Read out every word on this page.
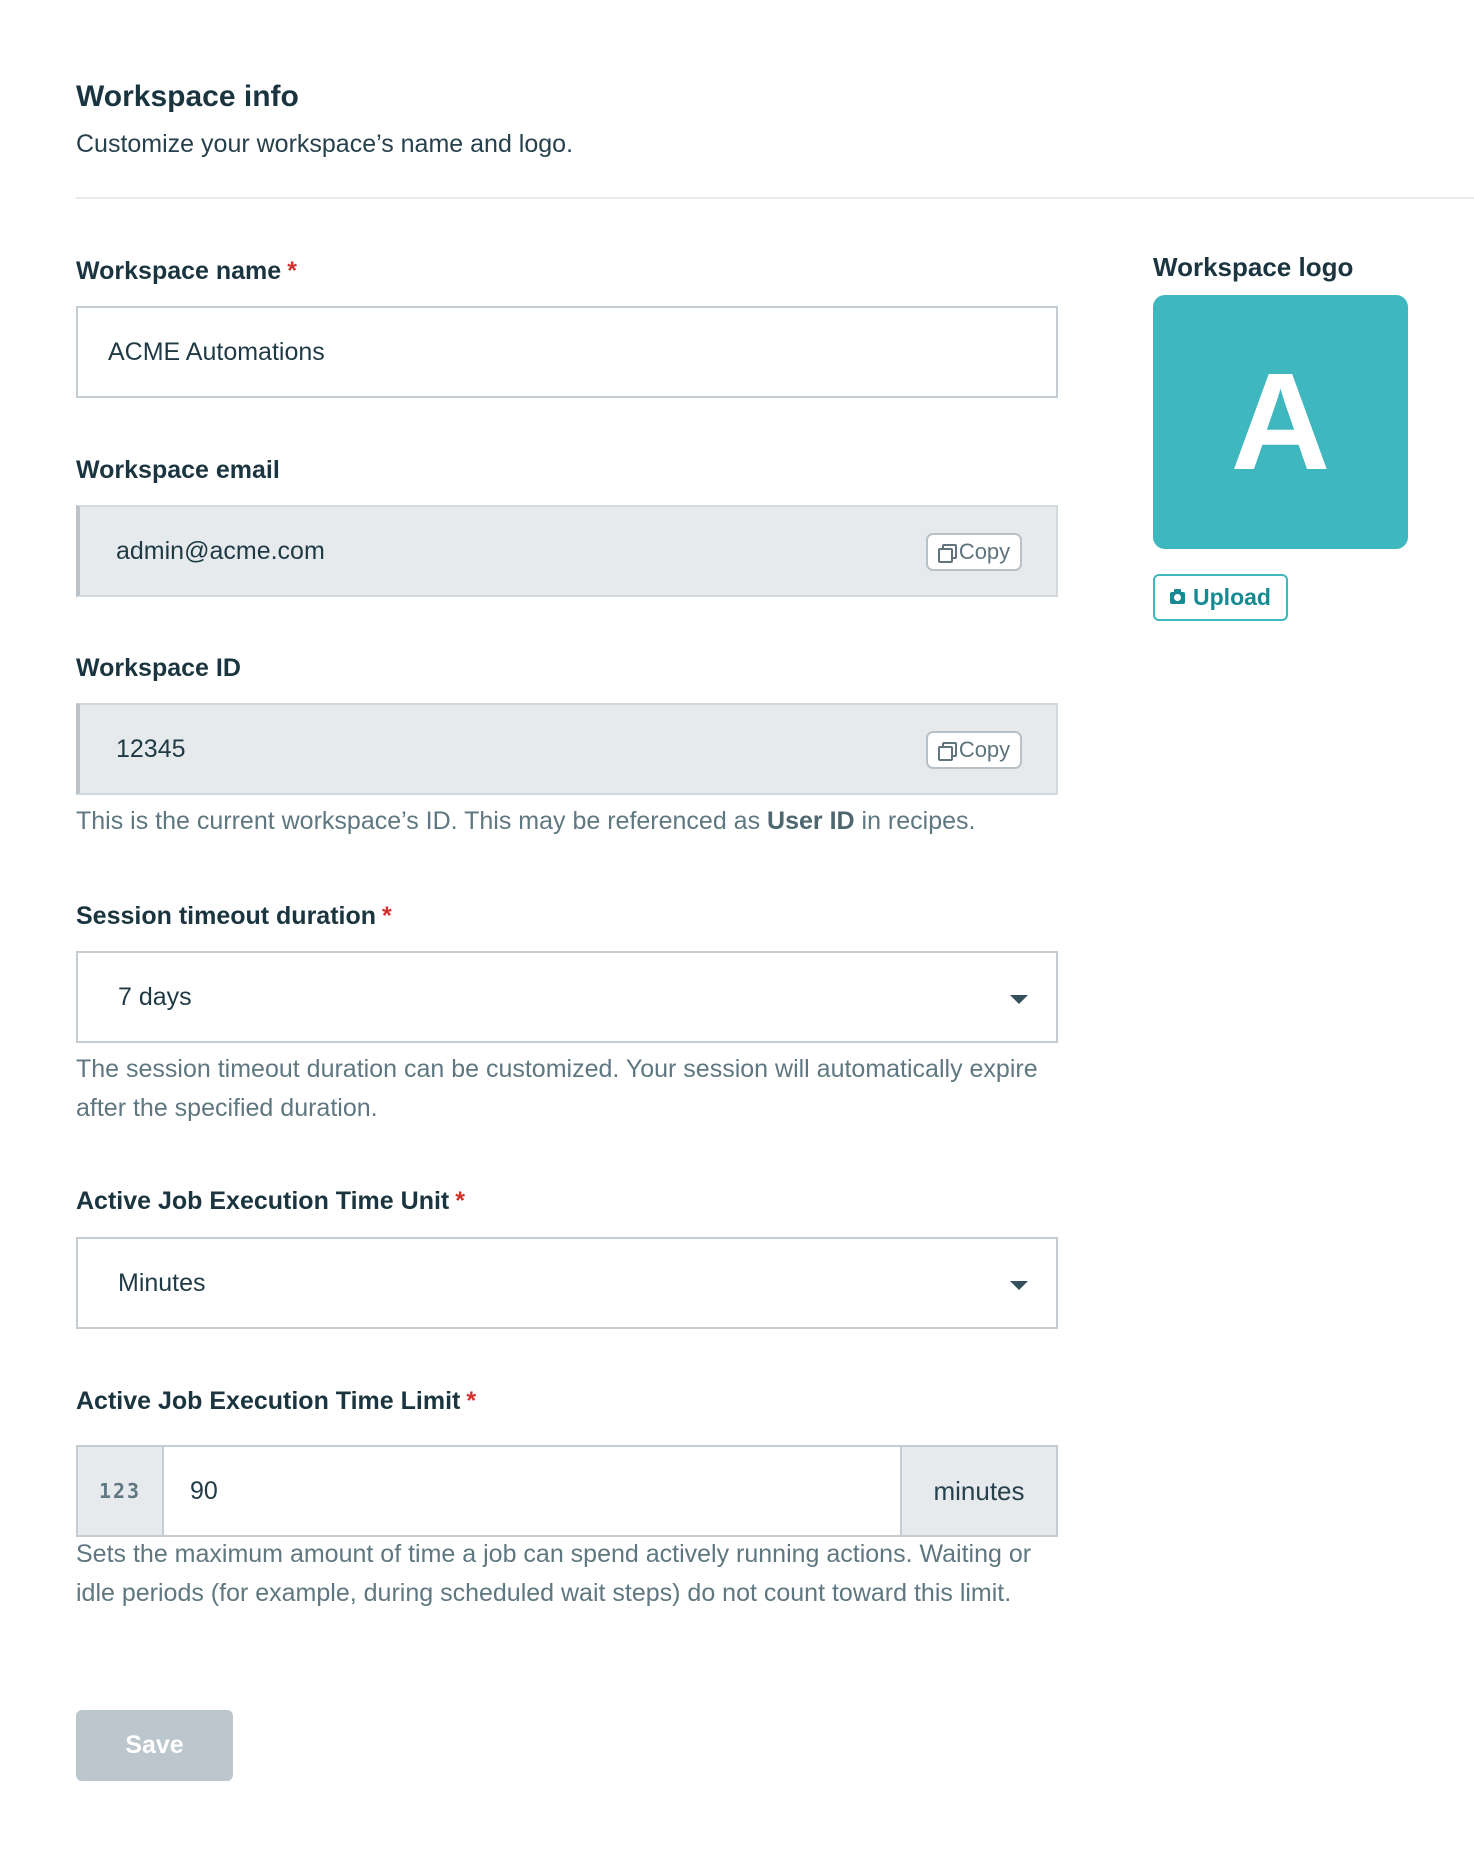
Workspace info
Customize your workspace’s name and logo.
Workspace name *
ACME Automations
Workspace email
admin@acme.com	Copy
Workspace ID
12345	Copy
This is the current workspace’s ID. This may be referenced as User ID in recipes.
Session timeout duration *
7 days
The session timeout duration can be customized. Your session will automatically expire after the specified duration.
Active Job Execution Time Unit *
Minutes
Active Job Execution Time Limit *
123	90	minutes
Sets the maximum amount of time a job can spend actively running actions. Waiting or idle periods (for example, during scheduled wait steps) do not count toward this limit.
Save
Workspace logo
A
Upload
